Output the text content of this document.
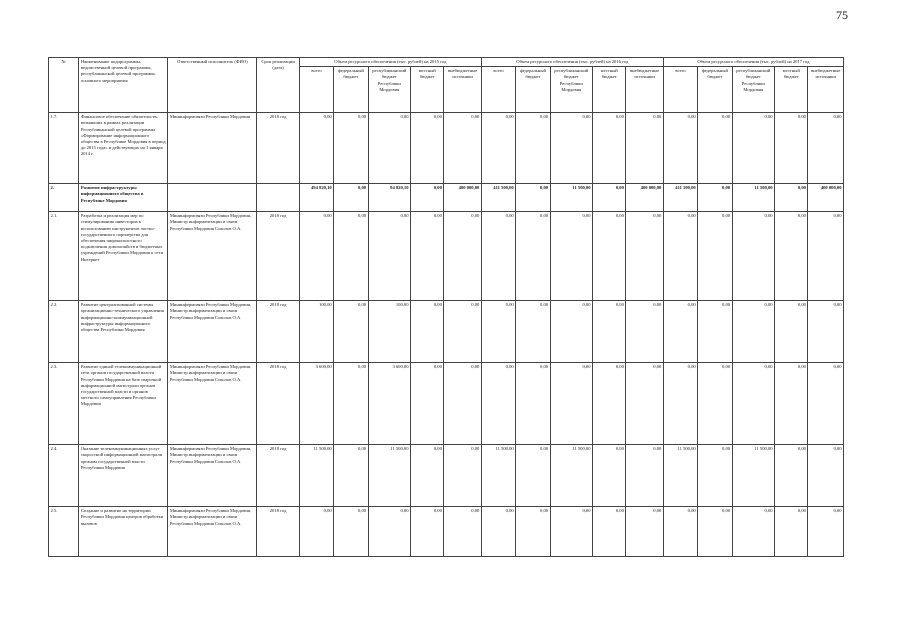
75
№	Наименование подпрограммы, ведомственной целевой программы, республиканской целевой программы, основного мероприятия	Ответственный исполнитель (ФИО)	Срок реализации (дата)	Объем ресурсного обеспечения (тыс. рублей) на 2015 год					Объем ресурсного обеспечения (тыс. рублей) на 2016 год					Объем ресурсного обеспечения (тыс. рублей) на 2017 год				
				всего	федеральный бюджет	республиканский бюджет Республики Мордовия	местный бюджет	внебюджетные источники	всего	федеральный бюджет	республиканский бюджет Республики Мордовия	местный бюджет	внебюджетные источники	всего	федеральный бюджет	республиканский бюджет Республики Мордовия	местный бюджет	внебюджетные источники
1.7.	Финансовое обеспечение обязательств, возникших в рамках реализации Республиканской целевой программы «Формирование информационного общества в Республике Мордовия в период до 2015 года» и действующих на 1 января 2014 г.	Мининформсвязи Республики Мордовия	2018 год	0,00	0,00	0,00	0,00	0,00	0,00	0,00	0,00	0,00	0,00	0,00	0,00	0,00	0,00	0,00
2.	Развитие инфраструктуры информационного общества в Республике Мордовия			494 820,10	0,00	94 820,10	0,00	400 000,00	411 500,00	0,00	11 500,00	0,00	400 000,00	411 500,00	0,00	11 500,00	0,00	400 000,00
2.1.	Разработка и реализация мер по стимулированию инвесторов к использованию инструментов частно-государственного партнерства для обеспечения широкополосного подключения домохозяйств и бюджетных учреждений Республики Мордовия к сети Интернет	Мининформсвязи Республики Мордовия, Министр информатизации и связи Республики Мордовия Соколов О.А.	2018 год	0,00	0,00	0,00	0,00	0,00	0,00	0,00	0,00	0,00	0,00	0,00	0,00	0,00	0,00	0,00
2.2.	Развитие централизованной системы организационно-технического управления информационно-коммуникационной инфраструктуры информационного общества Республики Мордовия	Мининформсвязи Республики Мордовия, Министр информатизации и связи Республики Мордовия Соколов О.А.	2018 год	100,00	0,00	100,00	0,00	0,00	0,00	0,00	0,00	0,00	0,00	0,00	0,00	0,00	0,00	0,00
2.3.	Развитие единой телекоммуникационной сети органов государственной власти Республики Мордовия на базе сварочной информационной магистрали органов государственной власти и органов местного самоуправления Республики Мордовия	Мининформсвязи Республики Мордовия, Министр информатизации и связи Республики Мордовия Соколов О.А.	2018 год	3 600,00	0,00	3 600,00	0,00	0,00	0,00	0,00	0,00	0,00	0,00	0,00	0,00	0,00	0,00	0,00
2.4.	Оказание телекоммуникационных услуг скоростной информационной магистрали органам государственной власти Республики Мордовия	Мининформсвязи Республики Мордовия, Министр информатизации и связи Республики Мордовия Соколов О.А.	2018 год	11 500,00	0,00	11 500,00	0,00	0,00	11 500,00	0,00	11 500,00	0,00	0,00	11 500,00	0,00	11 500,00	0,00	0,00
2.5.	Создание и развитие на территории Республики Мордовия центров обработки вызовов	Мининформсвязи Республики Мордовия, Министр информатизации и связи Республики Мордовия Соколов О.А.	2018 год	0,00	0,00	0,00	0,00	0,00	0,00	0,00	0,00	0,00	0,00	0,00	0,00	0,00	0,00	0,00
